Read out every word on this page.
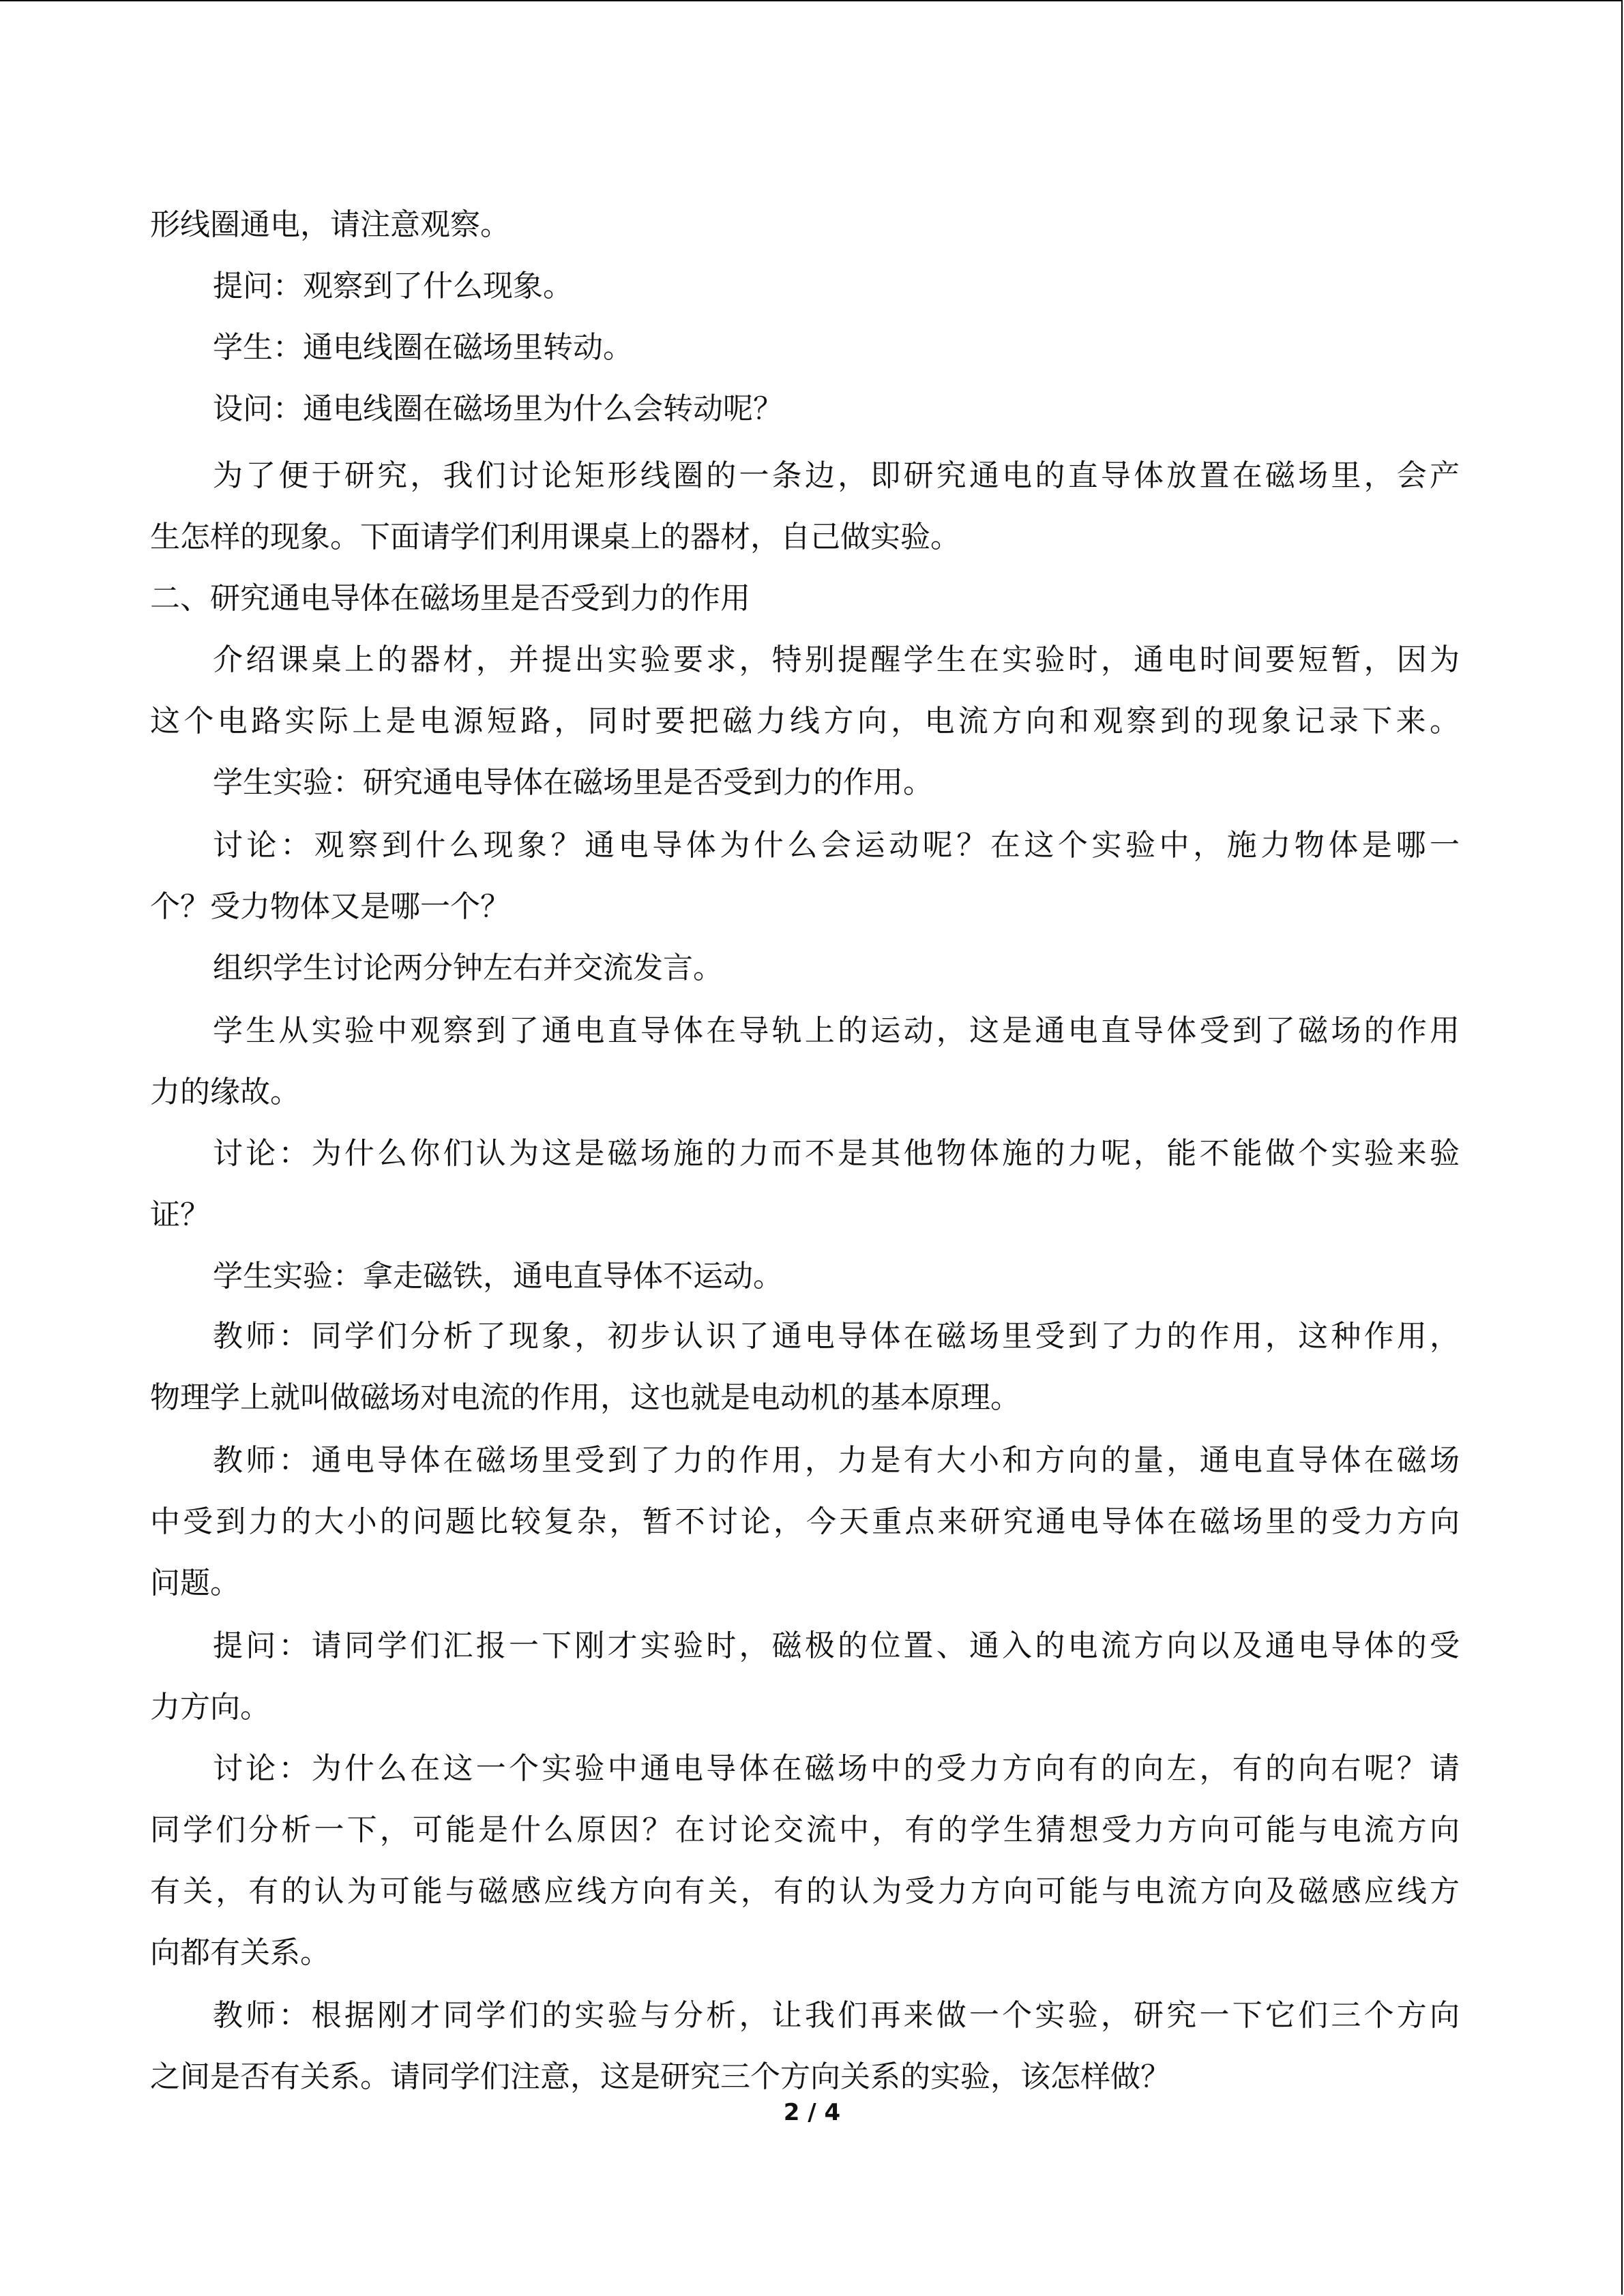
形线圈通电，请注意观察。
提问：观察到了什么现象。
学生：通电线圈在磁场里转动。
设问：通电线圈在磁场里为什么会转动呢？
为了便于研究，我们讨论矩形线圈的一条边，即研究通电的直导体放置在磁场里，会产
生怎样的现象。下面请学们利用课桌上的器材，自己做实验。
二、研究通电导体在磁场里是否受到力的作用
介绍课桌上的器材，并提出实验要求，特别提醒学生在实验时，通电时间要短暂，因为
这个电路实际上是电源短路，同时要把磁力线方向，电流方向和观察到的现象记录下来。
学生实验：研究通电导体在磁场里是否受到力的作用。
讨论：观察到什么现象？通电导体为什么会运动呢？在这个实验中，施力物体是哪一
个？受力物体又是哪一个？
组织学生讨论两分钟左右并交流发言。
学生从实验中观察到了通电直导体在导轨上的运动，这是通电直导体受到了磁场的作用
力的缘故。
讨论：为什么你们认为这是磁场施的力而不是其他物体施的力呢，能不能做个实验来验
证？
学生实验：拿走磁铁，通电直导体不运动。
教师：同学们分析了现象，初步认识了通电导体在磁场里受到了力的作用，这种作用，
物理学上就叫做磁场对电流的作用，这也就是电动机的基本原理。
教师：通电导体在磁场里受到了力的作用，力是有大小和方向的量，通电直导体在磁场
中受到力的大小的问题比较复杂，暂不讨论，今天重点来研究通电导体在磁场里的受力方向
问题。
提问：请同学们汇报一下刚才实验时，磁极的位置、通入的电流方向以及通电导体的受
力方向。
讨论：为什么在这一个实验中通电导体在磁场中的受力方向有的向左，有的向右呢？请
同学们分析一下，可能是什么原因？在讨论交流中，有的学生猜想受力方向可能与电流方向
有关，有的认为可能与磁感应线方向有关，有的认为受力方向可能与电流方向及磁感应线方
向都有关系。
教师：根据刚才同学们的实验与分析，让我们再来做一个实验，研究一下它们三个方向
之间是否有关系。请同学们注意，这是研究三个方向关系的实验，该怎样做？
2 / 4
